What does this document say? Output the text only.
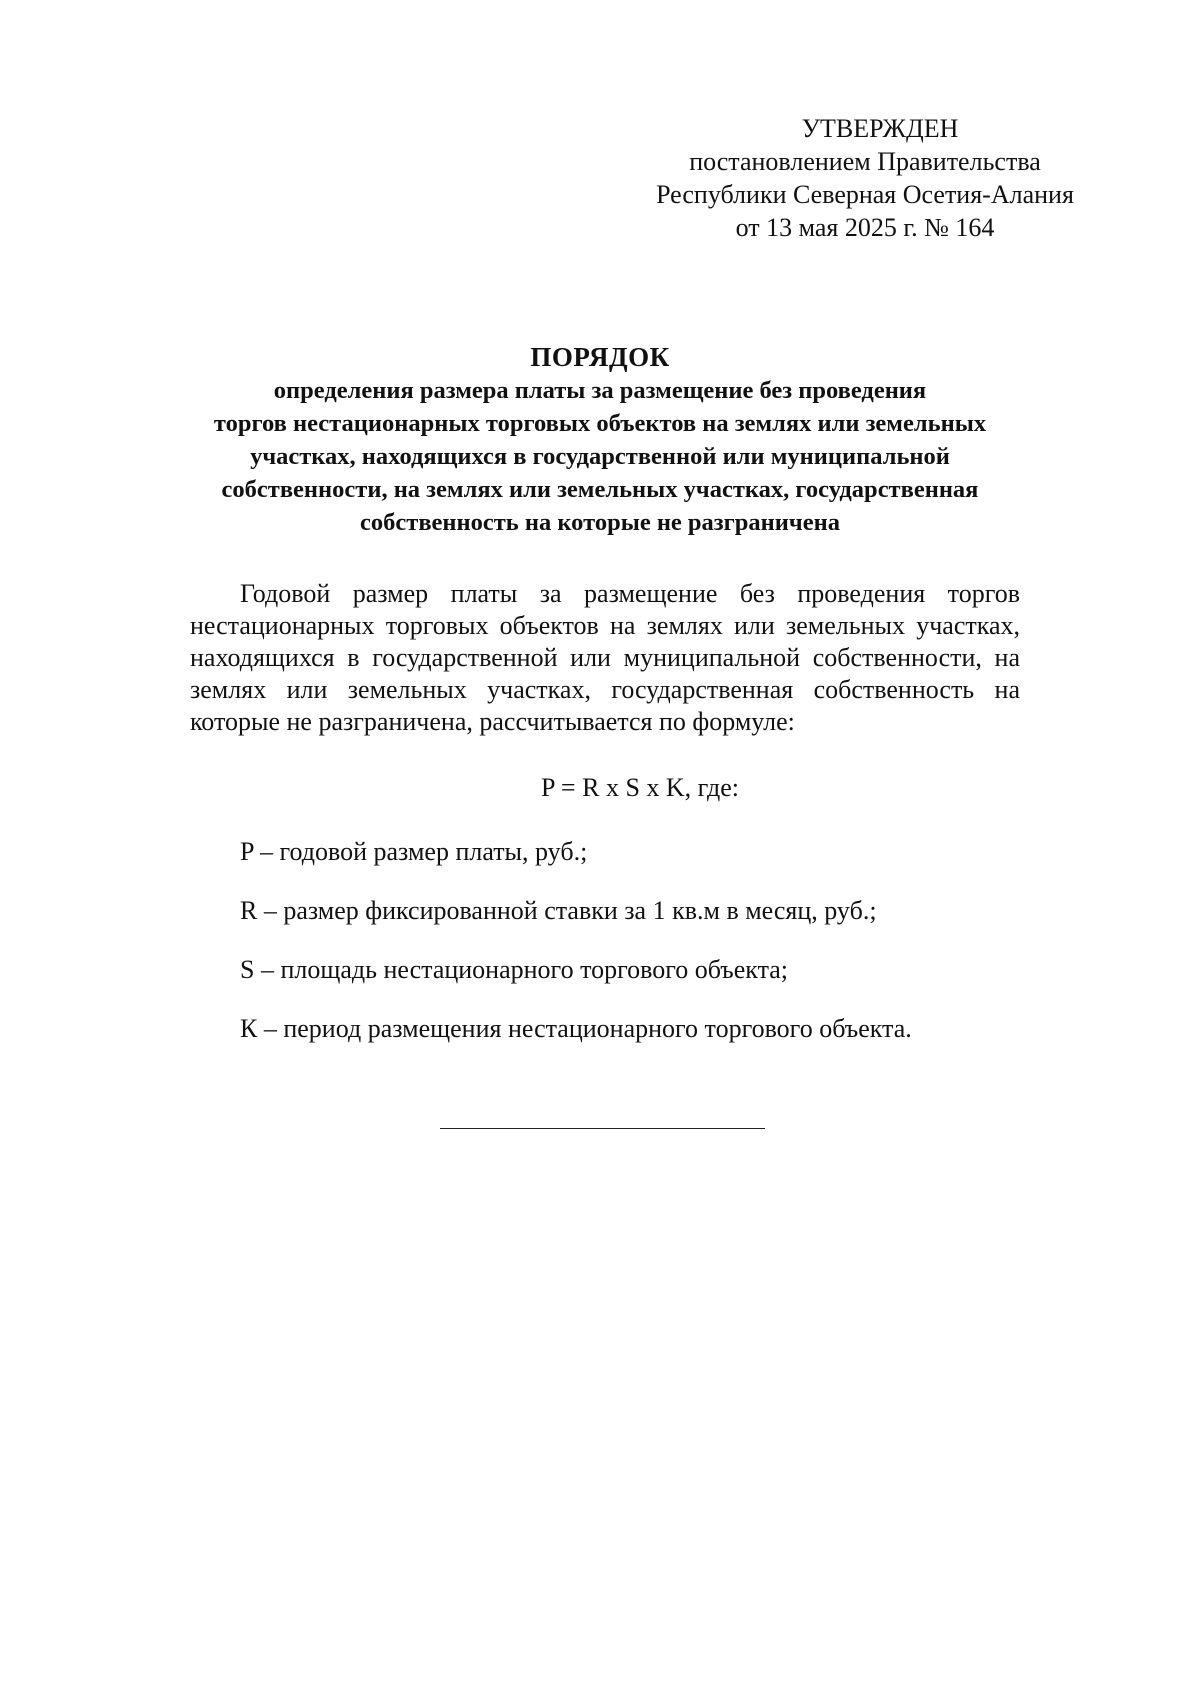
УТВЕРЖДЕН
постановлением Правительства
Республики Северная Осетия-Алания
от 13 мая 2025 г. № 164
ПОРЯДОК
определения размера платы за размещение без проведения
торгов нестационарных торговых объектов на землях или земельных
участках, находящихся в государственной или муниципальной
собственности, на землях или земельных участках, государственная
собственность на которые не разграничена

Годовой размер платы за размещение без проведения торгов нестационарных торговых объектов на землях или земельных участках, находящихся в государственной или муниципальной собственности, на землях или земельных участках, государственная собственность на которые не разграничена, рассчитывается по формуле:

P = R x S x K, где:
P – годовой размер платы, руб.;
R – размер фиксированной ставки за 1 кв.м в месяц, руб.;
S – площадь нестационарного торгового объекта;
К – период размещения нестационарного торгового объекта.
